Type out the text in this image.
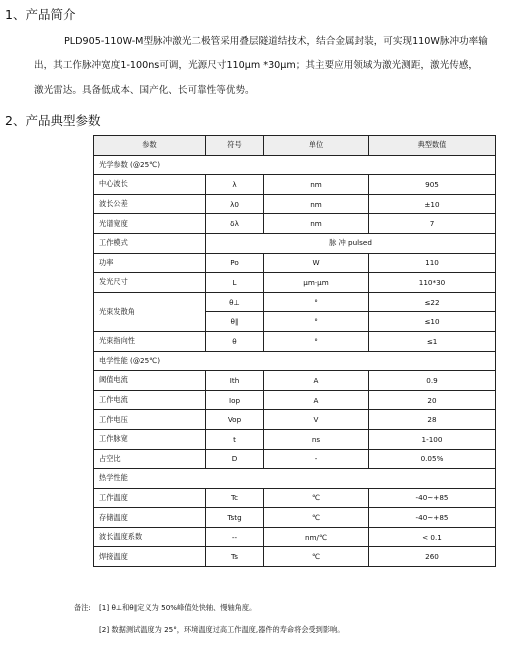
1、产品简介
PLD905-110W-M型脉冲激光二极管采用叠层隧道结技术，结合金属封装，可实现110W脉冲功率输
出，其工作脉冲宽度1-100ns可调，光源尺寸110μm *30μm；其主要应用领域为激光测距，激光传感，
激光雷达。具备低成本、国产化、长可靠性等优势。
2、产品典型参数
参数	符号	单位	典型数值
光学参数 (@25℃)			
中心波长	λ	nm	905
波长公差	λ0	nm	±10
光谱宽度	δλ	nm	7
工作模式	脉 冲 pulsed		
功率	Po	W	110
发光尺寸	L	μm·μm	110*30
光束发散角	θ⊥	°	≤22
	θ∥	°	≤10
光束指向性	θ	°	≤1
电学性能 (@25℃)			
阈值电流	Ith	A	0.9
工作电流	Iop	A	20
工作电压	Vop	V	28
工作脉宽	t	ns	1-100
占空比	D	-	0.05%
热学性能			
工作温度	Tc	℃	-40~+85
存储温度	Tstg	℃	-40~+85
波长温度系数	--	nm/℃	< 0.1
焊接温度	Ts	℃	260
备注: [1] θ⊥和θ∥定义为 50%峰值处快轴、慢轴角度。
[2] 数据测试温度为 25°，环境温度过高工作温度,器件的寿命将会受到影响。
